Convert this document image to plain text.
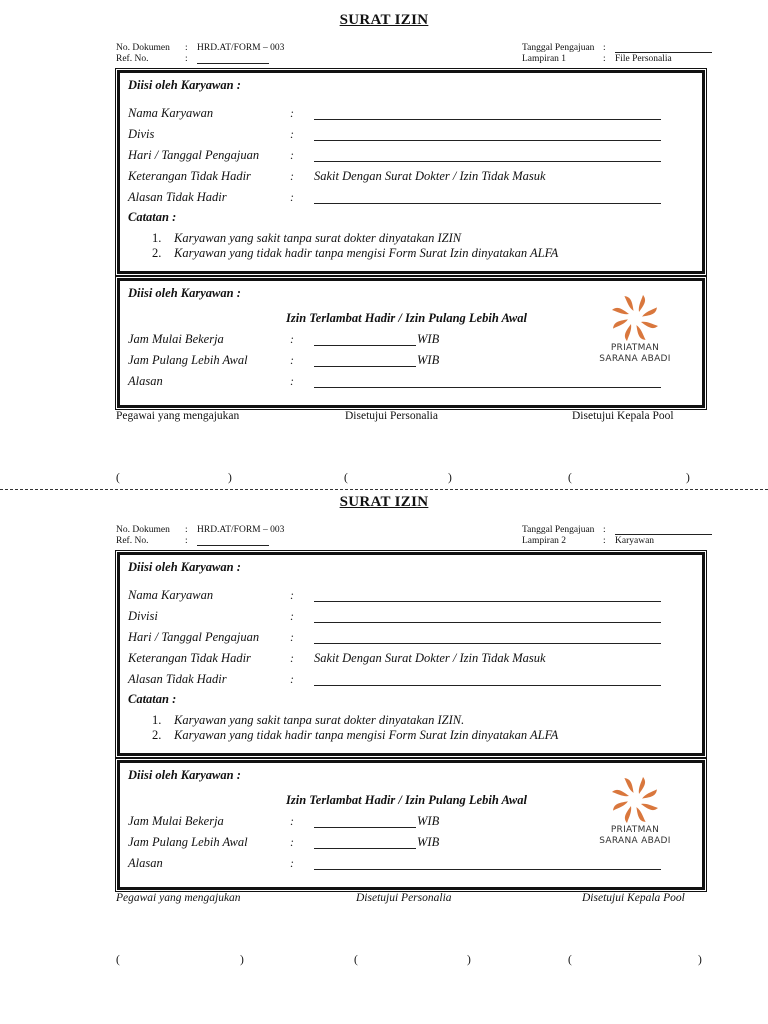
SURAT IZIN
No. Dokumen : HRD.AT/FORM – 003
Ref. No.	:
Tanggal Pengajuan :
Lampiran 1	: File Personalia
Diisi oleh Karyawan :
Nama Karyawan	:
Divis	:
Hari / Tanggal Pengajuan	:
Keterangan Tidak Hadir	: Sakit Dengan Surat Dokter / Izin Tidak Masuk
Alasan Tidak Hadir	:
Catatan :
1. Karyawan yang sakit tanpa surat dokter dinyatakan IZIN
2. Karyawan yang tidak hadir tanpa mengisi Form Surat Izin dinyatakan ALFA
Diisi oleh Karyawan :
Izin Terlambat Hadir / Izin Pulang Lebih Awal
Jam Mulai Bekerja	:	WIB
Jam Pulang Lebih Awal	:	WIB
Alasan	:
PRIATMAN
SARANA ABADI
Pegawai yang mengajukan	Disetujui Personalia	Disetujui Kepala Pool
(	)	(	)	(	)
SURAT IZIN
No. Dokumen : HRD.AT/FORM – 003
Ref. No.	:
Tanggal Pengajuan :
Lampiran 2	: Karyawan
Diisi oleh Karyawan :
Nama Karyawan	:
Divisi	:
Hari / Tanggal Pengajuan	:
Keterangan Tidak Hadir	: Sakit Dengan Surat Dokter / Izin Tidak Masuk
Alasan Tidak Hadir	:
Catatan :
1. Karyawan yang sakit tanpa surat dokter dinyatakan IZIN.
2. Karyawan yang tidak hadir tanpa mengisi Form Surat Izin dinyatakan ALFA
Diisi oleh Karyawan :
Izin Terlambat Hadir / Izin Pulang Lebih Awal
Jam Mulai Bekerja	:	WIB
Jam Pulang Lebih Awal	:	WIB
Alasan	:
PRIATMAN
SARANA ABADI
Pegawai yang mengajukan	Disetujui Personalia	Disetujui Kepala Pool
(	)	(	)	(	)
